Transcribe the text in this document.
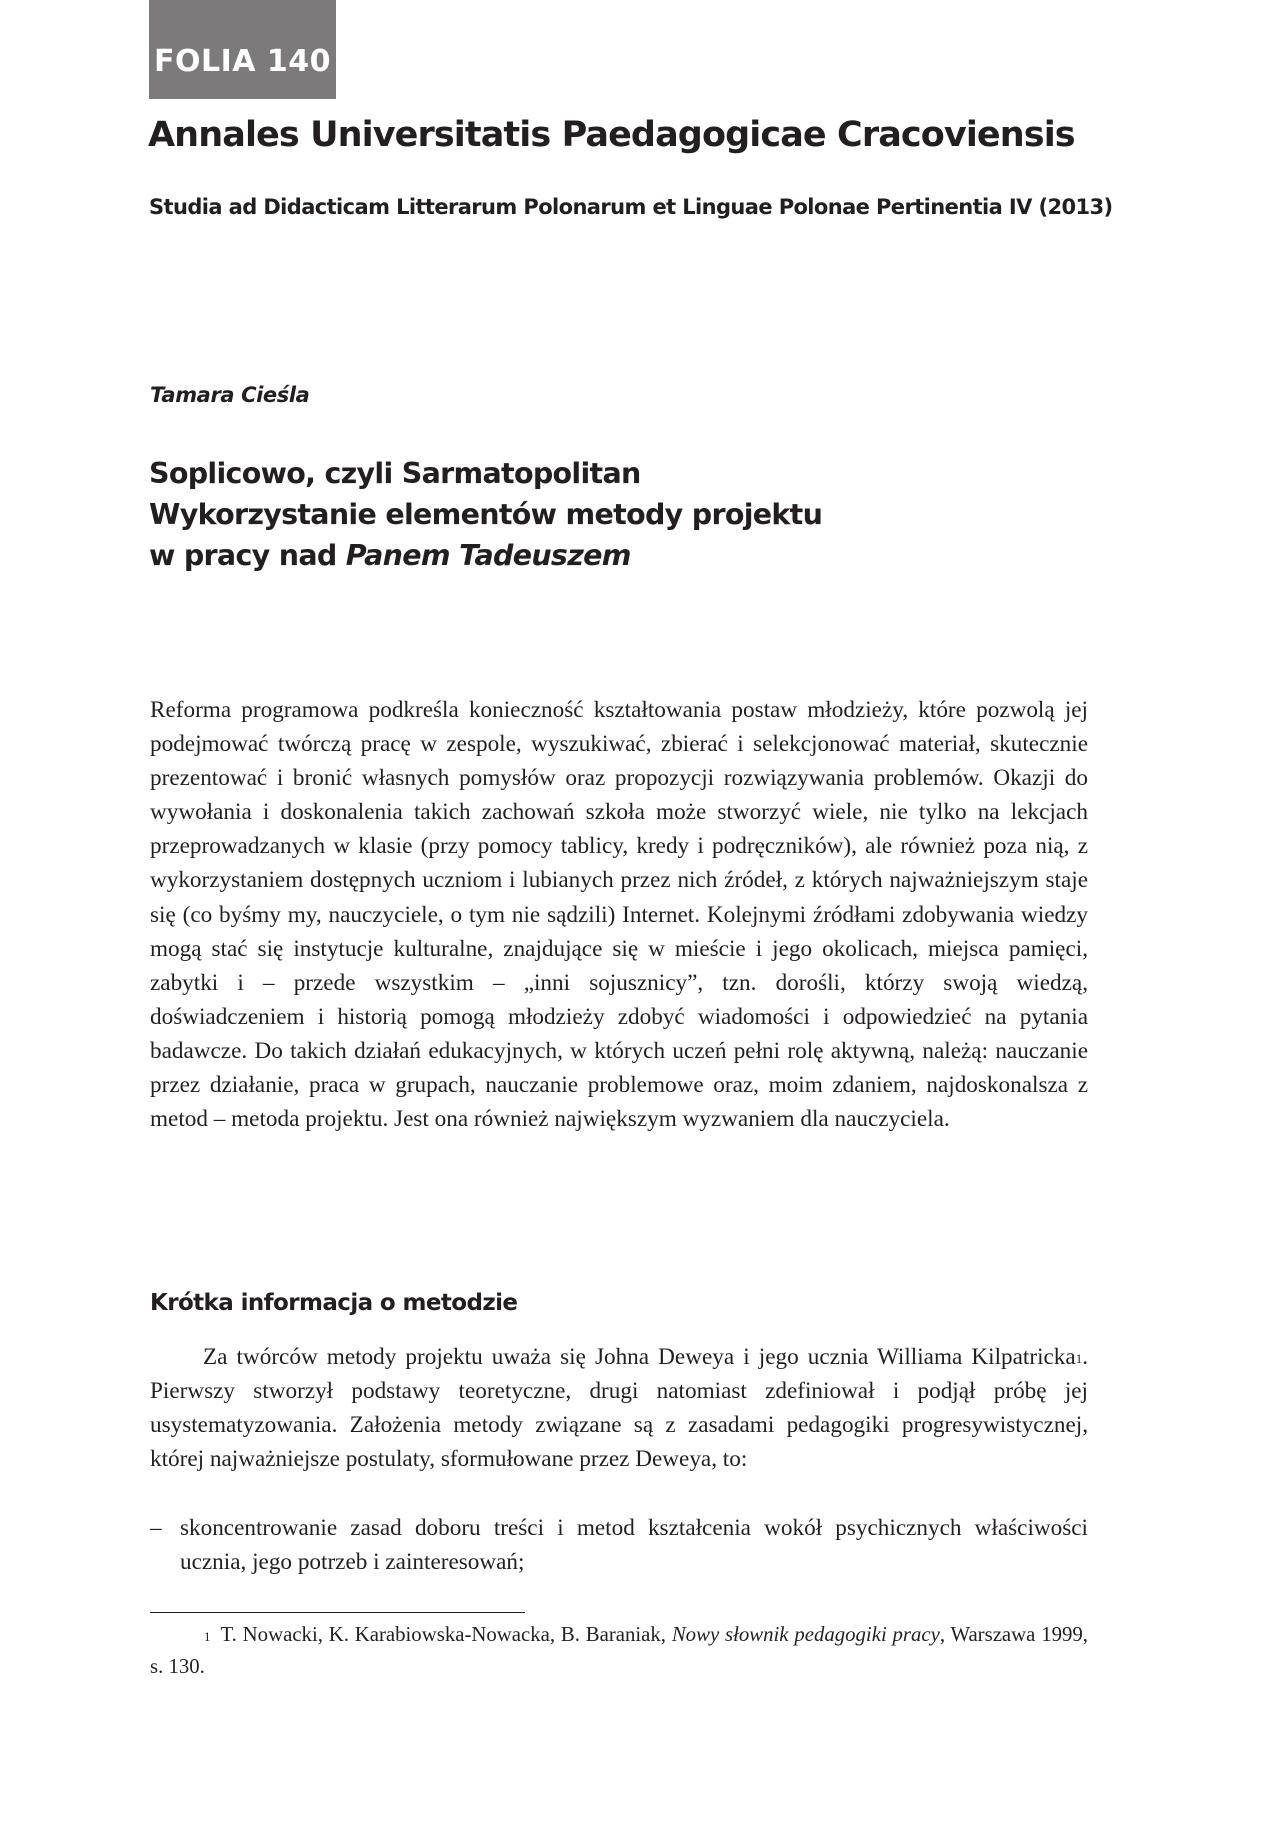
FOLIA 140
Annales Universitatis Paedagogicae Cracoviensis
Studia ad Didacticam Litterarum Polonarum et Linguae Polonae Pertinentia IV (2013)
Tamara Cieśla
Soplicowo, czyli Sarmatopolitan
Wykorzystanie elementów metody projektu
w pracy nad Panem Tadeuszem

Reforma programowa podkreśla konieczność kształtowania postaw młodzieży, które pozwolą jej podejmować twórczą pracę w zespole, wyszukiwać, zbierać i selekcjonować materiał, skutecznie prezentować i bronić własnych pomysłów oraz propozycji rozwiązywania problemów. Okazji do wywołania i doskonalenia takich zachowań szkoła może stworzyć wiele, nie tylko na lekcjach przeprowadzanych w klasie (przy pomocy tablicy, kredy i podręczników), ale również poza nią, z wykorzystaniem dostępnych uczniom i lubianych przez nich źródeł, z których najważniejszym staje się (co byśmy my, nauczyciele, o tym nie sądzili) Internet. Kolejnymi źródłami zdobywania wiedzy mogą stać się instytucje kulturalne, znajdujące się w mieście i jego okolicach, miejsca pamięci, zabytki i – przede wszystkim – „inni sojusznicy”, tzn. dorośli, którzy swoją wiedzą, doświadczeniem i historią pomogą młodzieży zdobyć wiadomości i odpowiedzieć na pytania badawcze. Do takich działań edukacyjnych, w których uczeń pełni rolę aktywną, należą: nauczanie przez działanie, praca w grupach, nauczanie problemowe oraz, moim zdaniem, najdoskonalsza z metod – metoda projektu. Jest ona również największym wyzwaniem dla nauczyciela.

Krótka informacja o metodzie

Za twórców metody projektu uważa się Johna Deweya i jego ucznia Williama Kilpatricka$^1$. Pierwszy stworzył podstawy teoretyczne, drugi natomiast zdefiniował i podjął próbę jej usystematyzowania. Założenia metody związane są z zasadami pedagogiki progresywistycznej, której najważniejsze postulaty, sformułowane przez Deweya, to:

– skoncentrowanie zasad doboru treści i metod kształcenia wokół psychicznych właściwości ucznia, jego potrzeb i zainteresowań;

$^1$ T. Nowacki, K. Karabiowska-Nowacka, B. Baraniak, Nowy słownik pedagogiki pracy, Warszawa 1999, s. 130.
